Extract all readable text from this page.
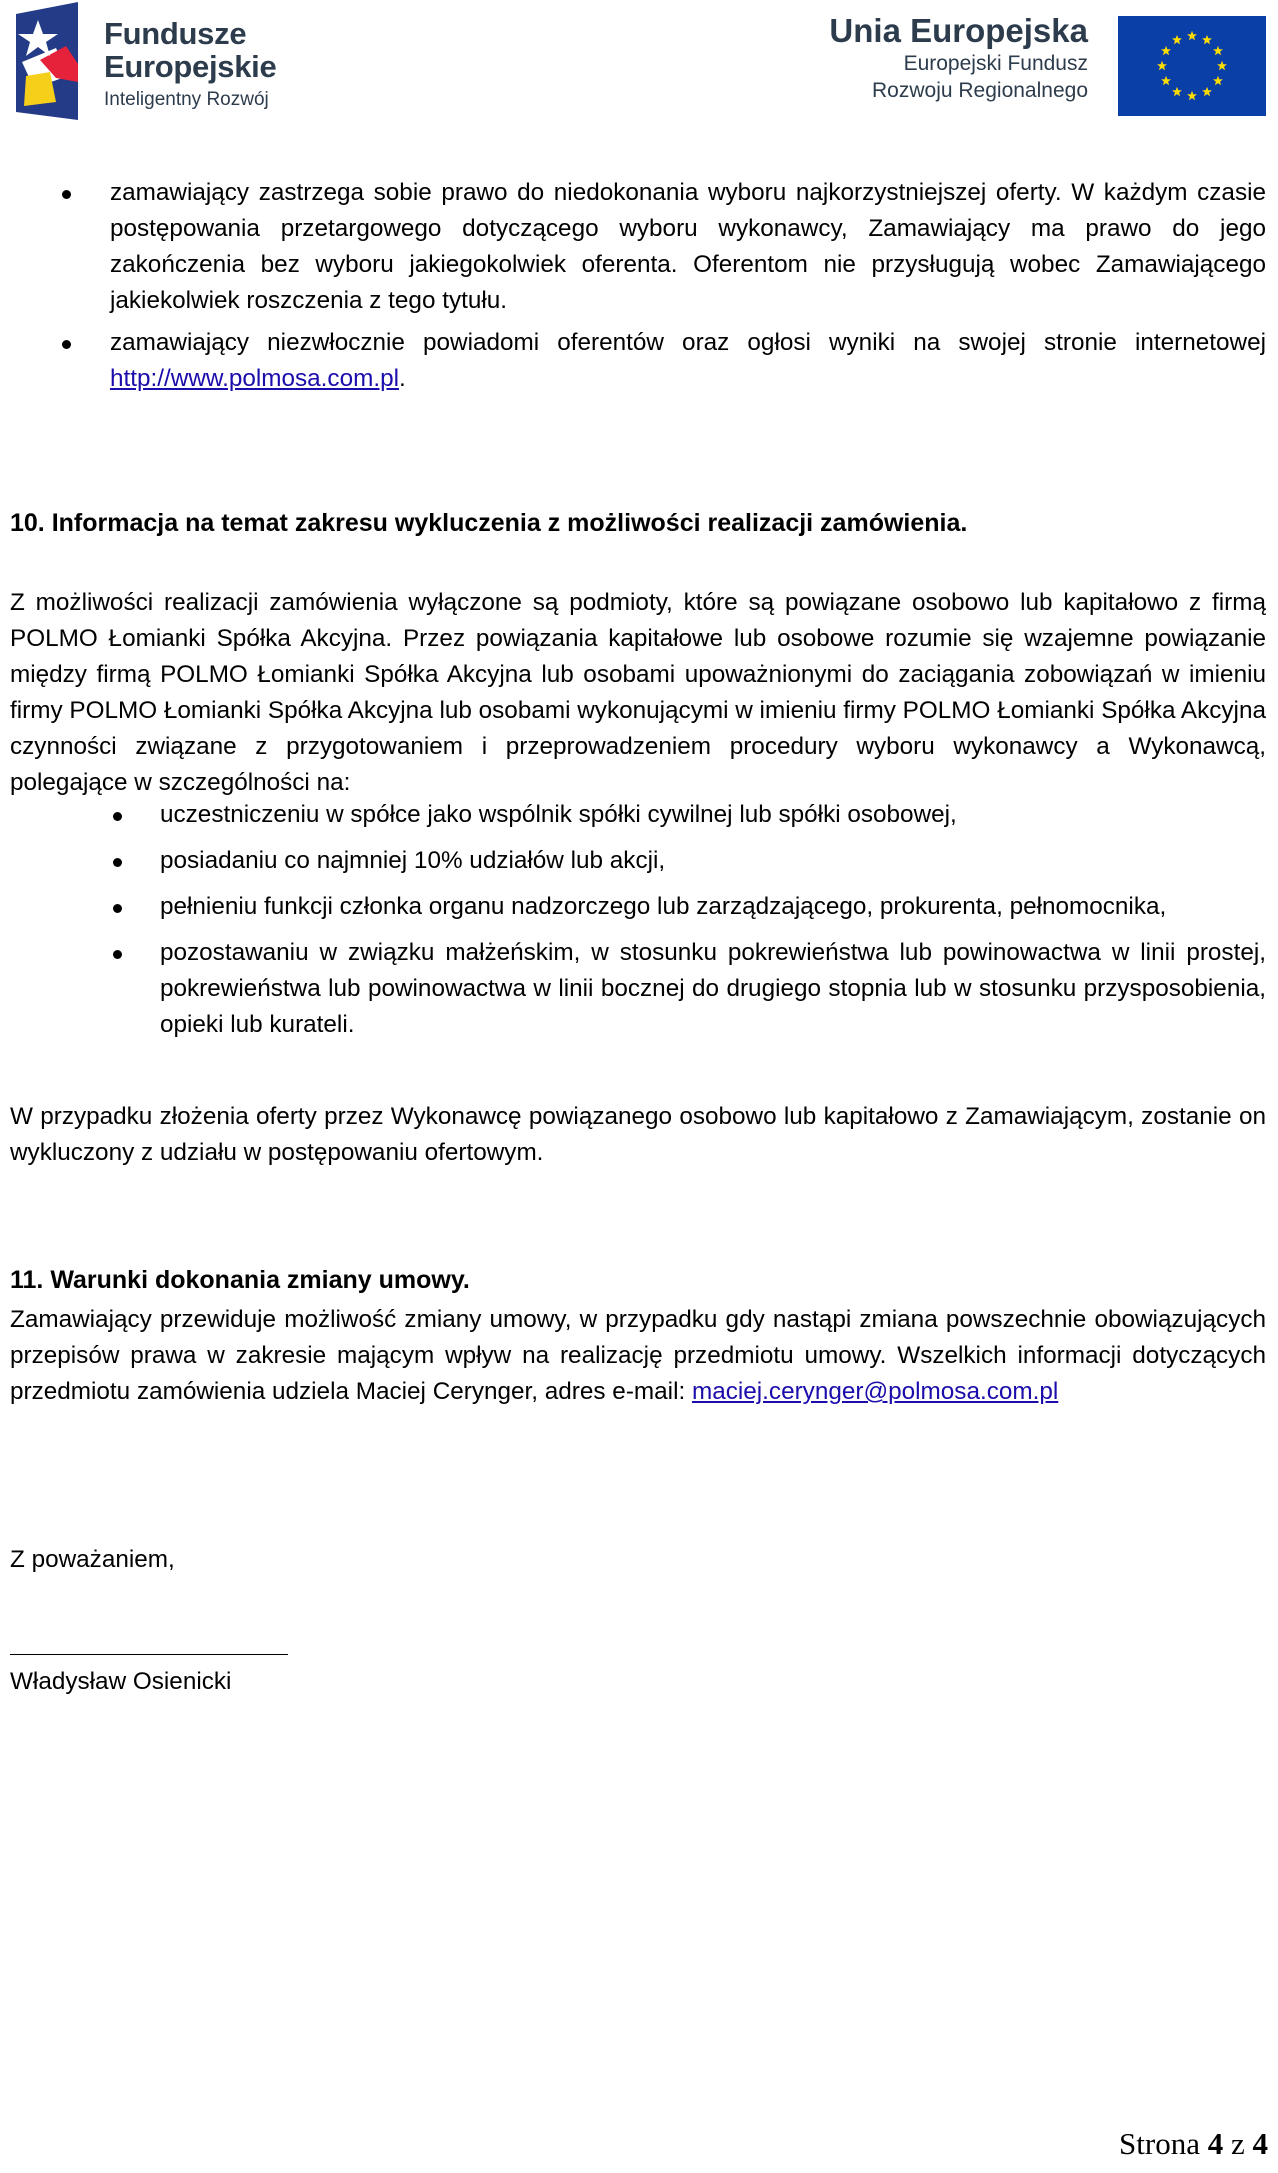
Fundusze
Europejskie
Inteligentny Rozwój
Unia Europejska
Europejski Fundusz
Rozwoju Regionalnego
zamawiający zastrzega sobie prawo do niedokonania wyboru najkorzystniejszej oferty. W każdym czasie postępowania przetargowego dotyczącego wyboru wykonawcy, Zamawiający ma prawo do jego zakończenia bez wyboru jakiegokolwiek oferenta. Oferentom nie przysługują wobec Zamawiającego jakiekolwiek roszczenia z tego tytułu.
zamawiający niezwłocznie powiadomi oferentów oraz ogłosi wyniki na swojej stronie internetowej http://www.polmosa.com.pl.
10. Informacja na temat zakresu wykluczenia z możliwości realizacji zamówienia.
Z możliwości realizacji zamówienia wyłączone są podmioty, które są powiązane osobowo lub kapitałowo z firmą POLMO Łomianki Spółka Akcyjna. Przez powiązania kapitałowe lub osobowe rozumie się wzajemne powiązanie między firmą POLMO Łomianki Spółka Akcyjna lub osobami upoważnionymi do zaciągania zobowiązań w imieniu firmy POLMO Łomianki Spółka Akcyjna lub osobami wykonującymi w imieniu firmy POLMO Łomianki Spółka Akcyjna czynności związane z przygotowaniem i przeprowadzeniem procedury wyboru wykonawcy a Wykonawcą, polegające w szczególności na:
uczestniczeniu w spółce jako wspólnik spółki cywilnej lub spółki osobowej,
posiadaniu co najmniej 10% udziałów lub akcji,
pełnieniu funkcji członka organu nadzorczego lub zarządzającego, prokurenta, pełnomocnika,
pozostawaniu w związku małżeńskim, w stosunku pokrewieństwa lub powinowactwa w linii prostej, pokrewieństwa lub powinowactwa w linii bocznej do drugiego stopnia lub w stosunku przysposobienia, opieki lub kurateli.
W przypadku złożenia oferty przez Wykonawcę powiązanego osobowo lub kapitałowo z Zamawiającym, zostanie on wykluczony z udziału w postępowaniu ofertowym.
11. Warunki dokonania zmiany umowy.
Zamawiający przewiduje możliwość zmiany umowy, w przypadku gdy nastąpi zmiana powszechnie obowiązujących przepisów prawa w zakresie mającym wpływ na realizację przedmiotu umowy. Wszelkich informacji dotyczących przedmiotu zamówienia udziela Maciej Cerynger, adres e-mail: maciej.cerynger@polmosa.com.pl
Z poważaniem,
Władysław Osienicki
Strona 4 z 4
